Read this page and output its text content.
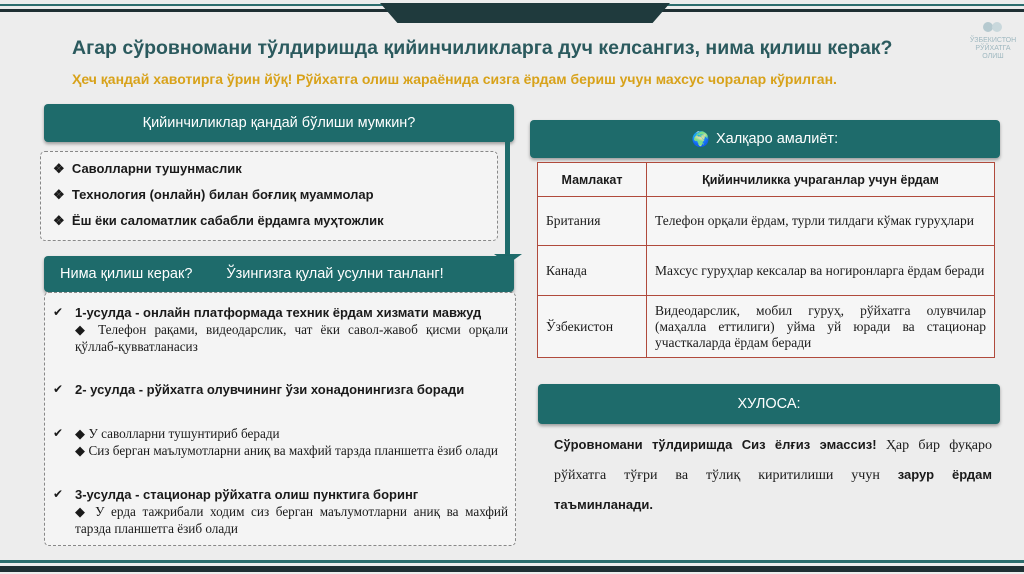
Агар сўровномани тўлдиришда қийинчиликларга дуч келсангиз, нима қилиш керак?
Ҳеч қандай хавотирга ўрин йўқ! Рўйхатга олиш жараёнида сизга ёрдам бериш учун махсус чоралар кўрилган.
ЎЗБЕКИСТОН
РЎЙХАТГА
ОЛИШ
Қийинчиликлар қандай бўлиши мумкин?
❖ Саволларни тушунмаслик
❖ Технология (онлайн) билан боғлиқ муаммолар
❖ Ёш ёки саломатлик сабабли ёрдамга муҳтожлик
Нима қилиш керак? Ўзингизга қулай усулни танланг!
✔ 1-усулда - онлайн платформада техник ёрдам хизмати мавжуд
◆ Телефон рақами, видеодарслик, чат ёки савол-жавоб қисми орқали қўллаб-қувватланасиз
✔ 2- усулда - рўйхатга олувчининг ўзи хонадонингизга боради
✔ ◆ У саволларни тушунтириб беради
◆ Сиз берган маълумотларни аниқ ва махфий тарзда планшетга ёзиб олади
✔ 3-усулда - стационар рўйхатга олиш пунктига боринг
◆ У ерда тажрибали ходим сиз берган маълумотларни аниқ ва махфий тарзда планшетга ёзиб олади
🌍 Халқаро амалиёт:
Мамлакат	Қийинчиликка учраганлар учун ёрдам
Британия	Телефон орқали ёрдам, турли тилдаги кўмак гуруҳлари
Канада	Махсус гуруҳлар кексалар ва ногиронларга ёрдам беради
Ўзбекистон	Видеодарслик, мобил гуруҳ, рўйхатга олувчилар (маҳалла еттилиги) уйма уй юради ва стационар участкаларда ёрдам беради
ХУЛОСА:
Сўровномани тўлдиришда Сиз ёлғиз эмассиз! Ҳар бир фуқаро рўйхатга тўғри ва тўлиқ киритилиши учун зарур ёрдам таъминланади.
